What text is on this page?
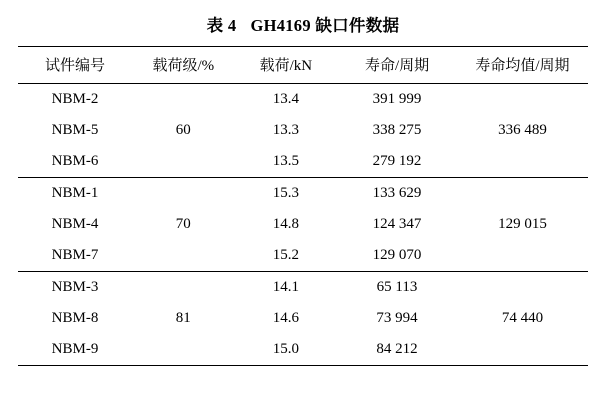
表 4 GH4169 缺口件数据
试件编号	载荷级/%	载荷/kN	寿命/周期	寿命均值/周期
NBM-2	60	13.4	391 999	336 489
NBM-5		13.3	338 275	
NBM-6		13.5	279 192	
NBM-1	70	15.3	133 629	129 015
NBM-4		14.8	124 347	
NBM-7		15.2	129 070	
NBM-3	81	14.1	65 113	74 440
NBM-8		14.6	73 994	
NBM-9		15.0	84 212	
